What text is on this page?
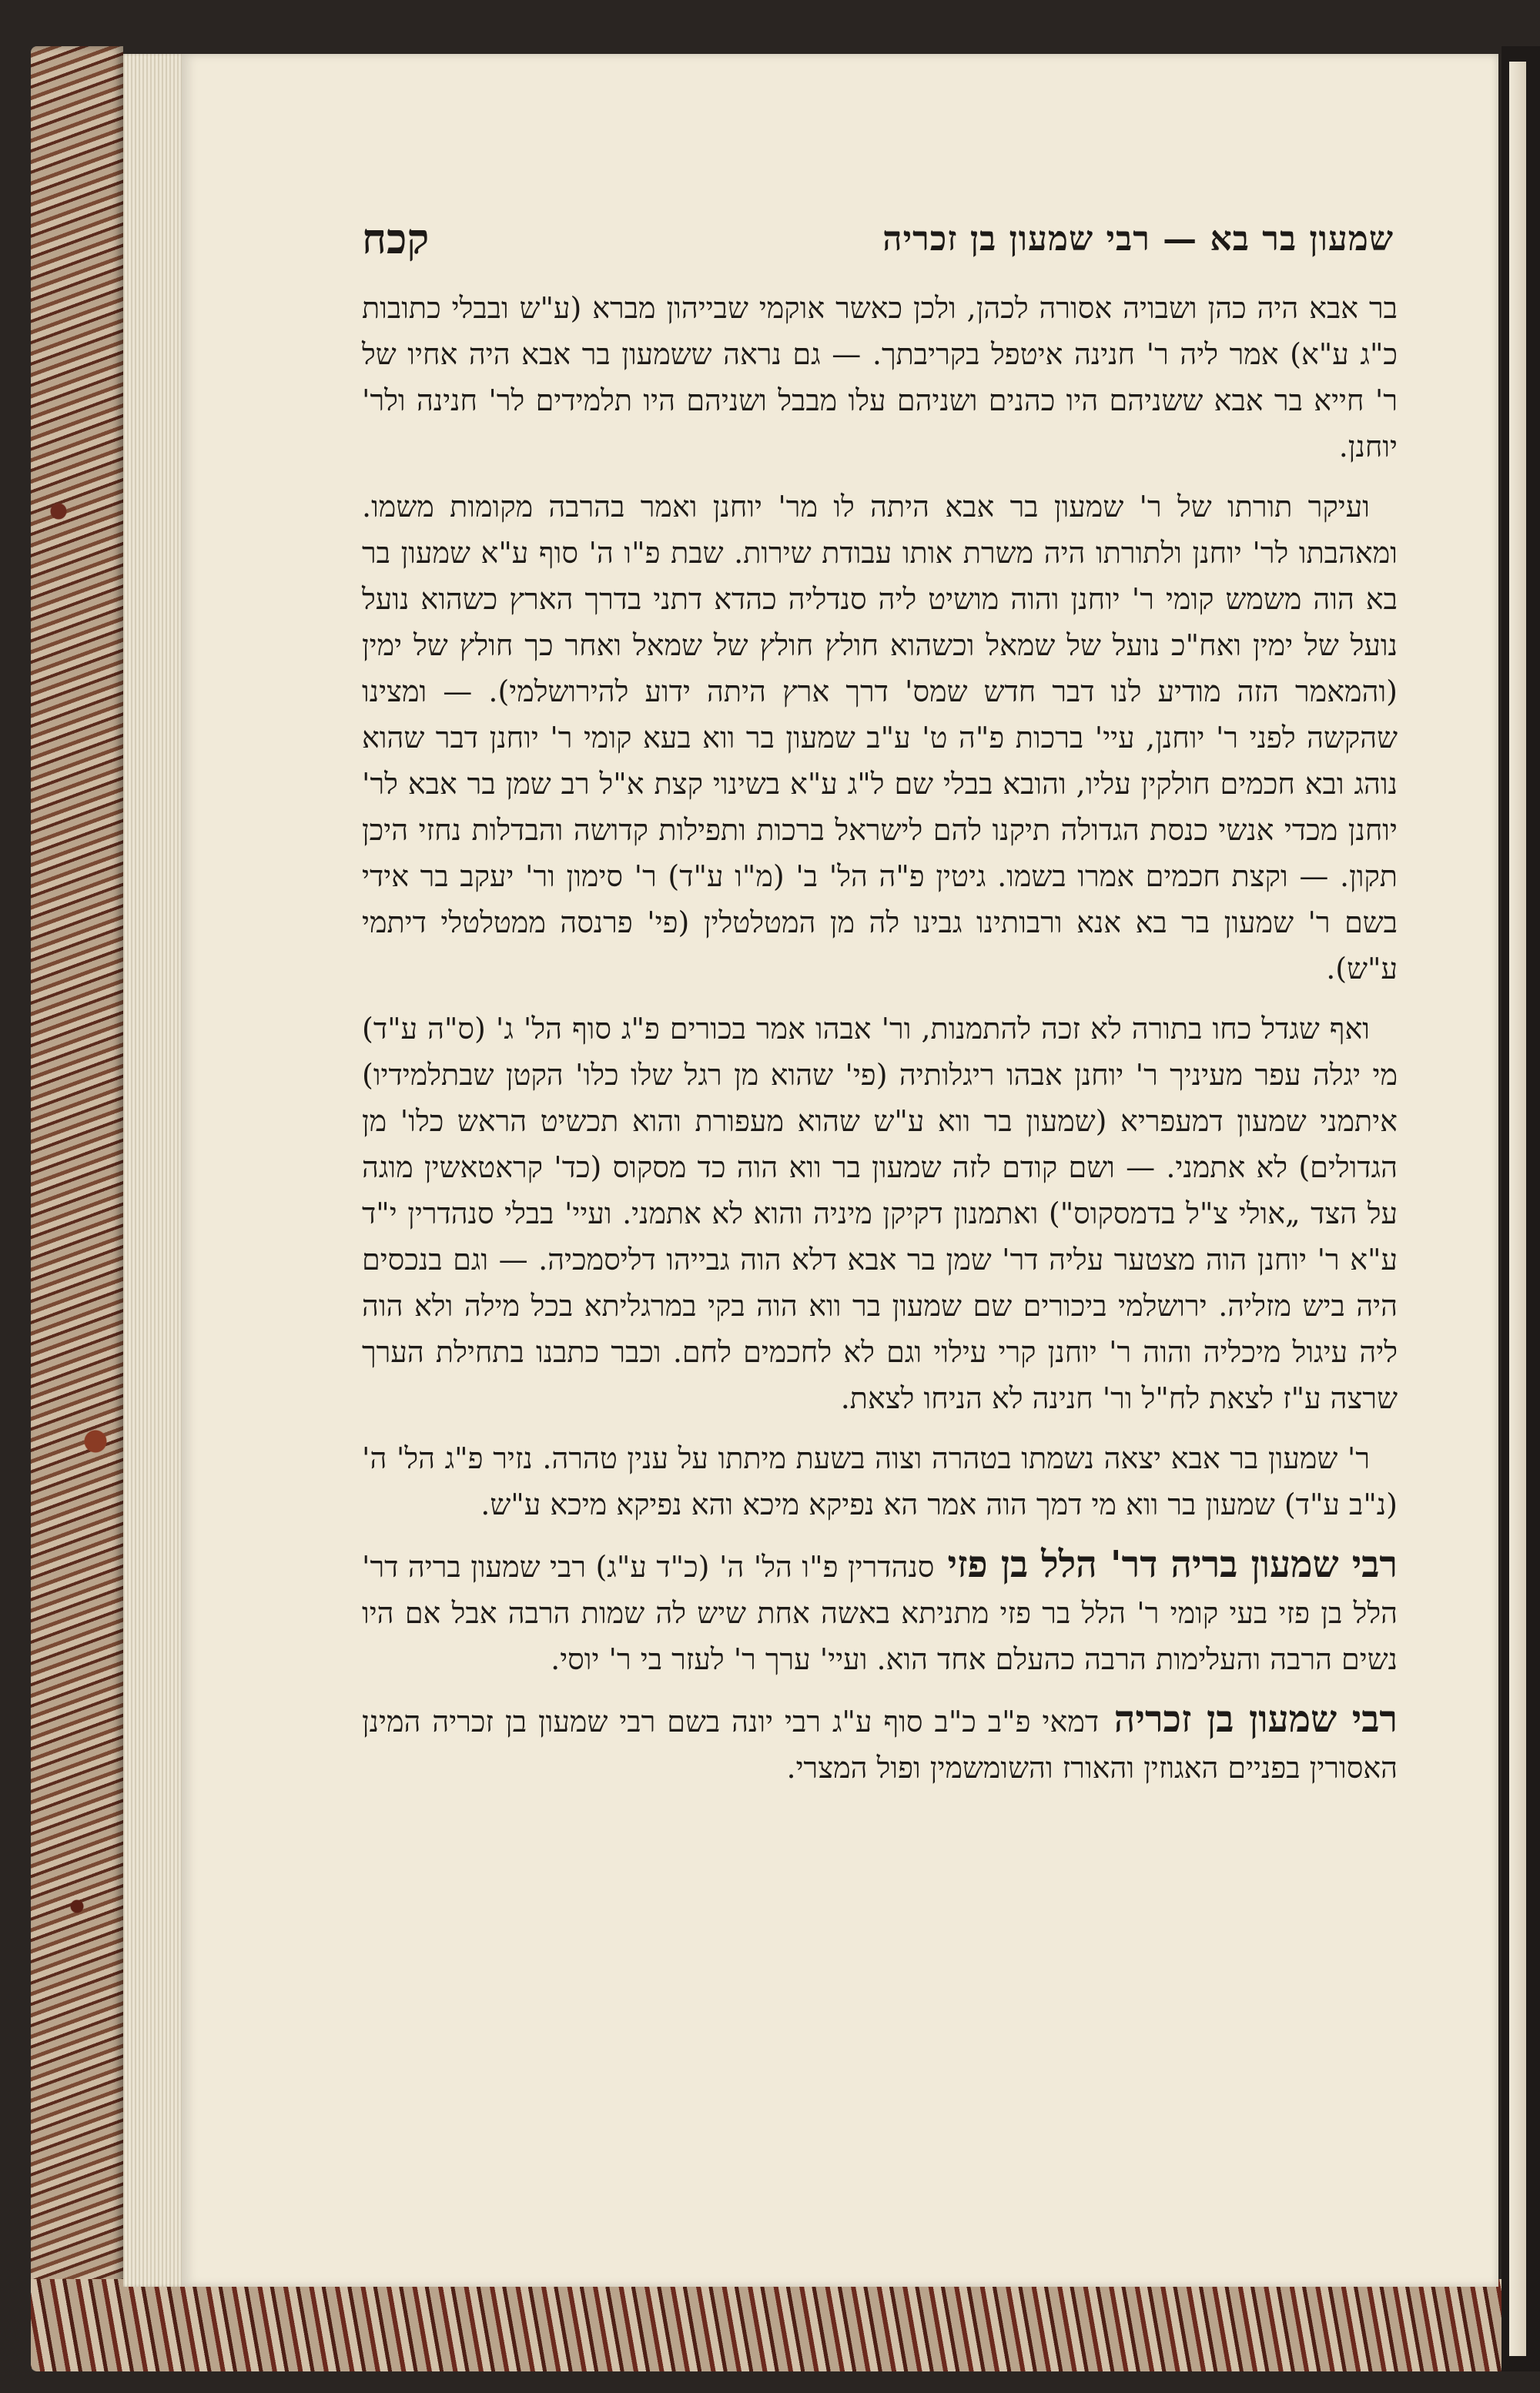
שמעון בר בא — רבי שמעון בן זכריה
קכח

בר אבא היה כהן ושבויה אסורה לכהן, ולכן כאשר אוקמי שבייהון מברא (ע"ש ובבלי כתובות כ"ג ע"א) אמר ליה ר' חנינה איטפל בקריבתך. — גם נראה ששמעון בר אבא היה אחיו של ר' חייא בר אבא ששניהם היו כהנים ושניהם עלו מבבל ושניהם היו תלמידים לר' חנינה ולר' יוחנן.

ועיקר תורתו של ר' שמעון בר אבא היתה לו מר' יוחנן ואמר בהרבה מקומות משמו. ומאהבתו לר' יוחנן ולתורתו היה משרת אותו עבודת שירות. שבת פ"ו ה' סוף ע"א שמעון בר בא הוה משמש קומי ר' יוחנן והוה מושיט ליה סנדליה כהדא דתני בדרך הארץ כשהוא נועל נועל של ימין ואח"כ נועל של שמאל וכשהוא חולץ חולץ של שמאל ואחר כך חולץ של ימין (והמאמר הזה מודיע לנו דבר חדש שמס' דרך ארץ היתה ידוע להירושלמי). — ומצינו שהקשה לפני ר' יוחנן, עיי' ברכות פ"ה ט' ע"ב שמעון בר ווא בעא קומי ר' יוחנן דבר שהוא נוהג ובא חכמים חולקין עליו, והובא בבלי שם ל"ג ע"א בשינוי קצת א"ל רב שמן בר אבא לר' יוחנן מכדי אנשי כנסת הגדולה תיקנו להם לישראל ברכות ותפילות קדושה והבדלות נחזי היכן תקון. — וקצת חכמים אמרו בשמו. גיטין פ"ה הל' ב' (מ"ו ע"ד) ר' סימון ור' יעקב בר אידי בשם ר' שמעון בר בא אנא ורבותינו גבינו לה מן המטלטלין (פי' פרנסה ממטלטלי דיתמי ע"ש).

ואף שגדל כחו בתורה לא זכה להתמנות, ור' אבהו אמר בכורים פ"ג סוף הל' ג' (ס"ה ע"ד) מי יגלה עפר מעיניך ר' יוחנן אבהו ריגלותיה (פי' שהוא מן רגל שלו כלו' הקטן שבתלמידיו) איתמני שמעון דמעפריא (שמעון בר ווא ע"ש שהוא מעפורת והוא תכשיט הראש כלו' מן הגדולים) לא אתמני. — ושם קודם לזה שמעון בר ווא הוה כד מסקוס (כד' קראטאשין מוגה על הצד „אולי צ"ל בדמסקוס") ואתמנון דקיקן מיניה והוא לא אתמני. ועיי' בבלי סנהדרין י"ד ע"א ר' יוחנן הוה מצטער עליה דר' שמן בר אבא דלא הוה גבייהו דליסמכיה. — וגם בנכסים היה ביש מזליה. ירושלמי ביכורים שם שמעון בר ווא הוה בקי במרגליתא בכל מילה ולא הוה ליה עיגול מיכליה והוה ר' יוחנן קרי עילוי וגם לא לחכמים לחם. וכבר כתבנו בתחילת הערך שרצה ע"ז לצאת לח"ל ור' חנינה לא הניחו לצאת.

ר' שמעון בר אבא יצאה נשמתו בטהרה וצוה בשעת מיתתו על ענין טהרה. נזיר פ"ג הל' ה' (נ"ב ע"ד) שמעון בר ווא מי דמך הוה אמר הא נפיקא מיכא והא נפיקא מיכא ע"ש.

רבי שמעון בריה דר' הלל בן פזי סנהדרין פ"ו הל' ה' (כ"ד ע"ג) רבי שמעון בריה דר' הלל בן פזי בעי קומי ר' הלל בר פזי מתניתא באשה אחת שיש לה שמות הרבה אבל אם היו נשים הרבה והעלימות הרבה כהעלם אחד הוא. ועיי' ערך ר' לעזר בי ר' יוסי.

רבי שמעון בן זכריה דמאי פ"ב כ"ב סוף ע"ג רבי יונה בשם רבי שמעון בן זכריה המינן האסורין בפניים האגוזין והאורז והשומשמין ופול המצרי.
